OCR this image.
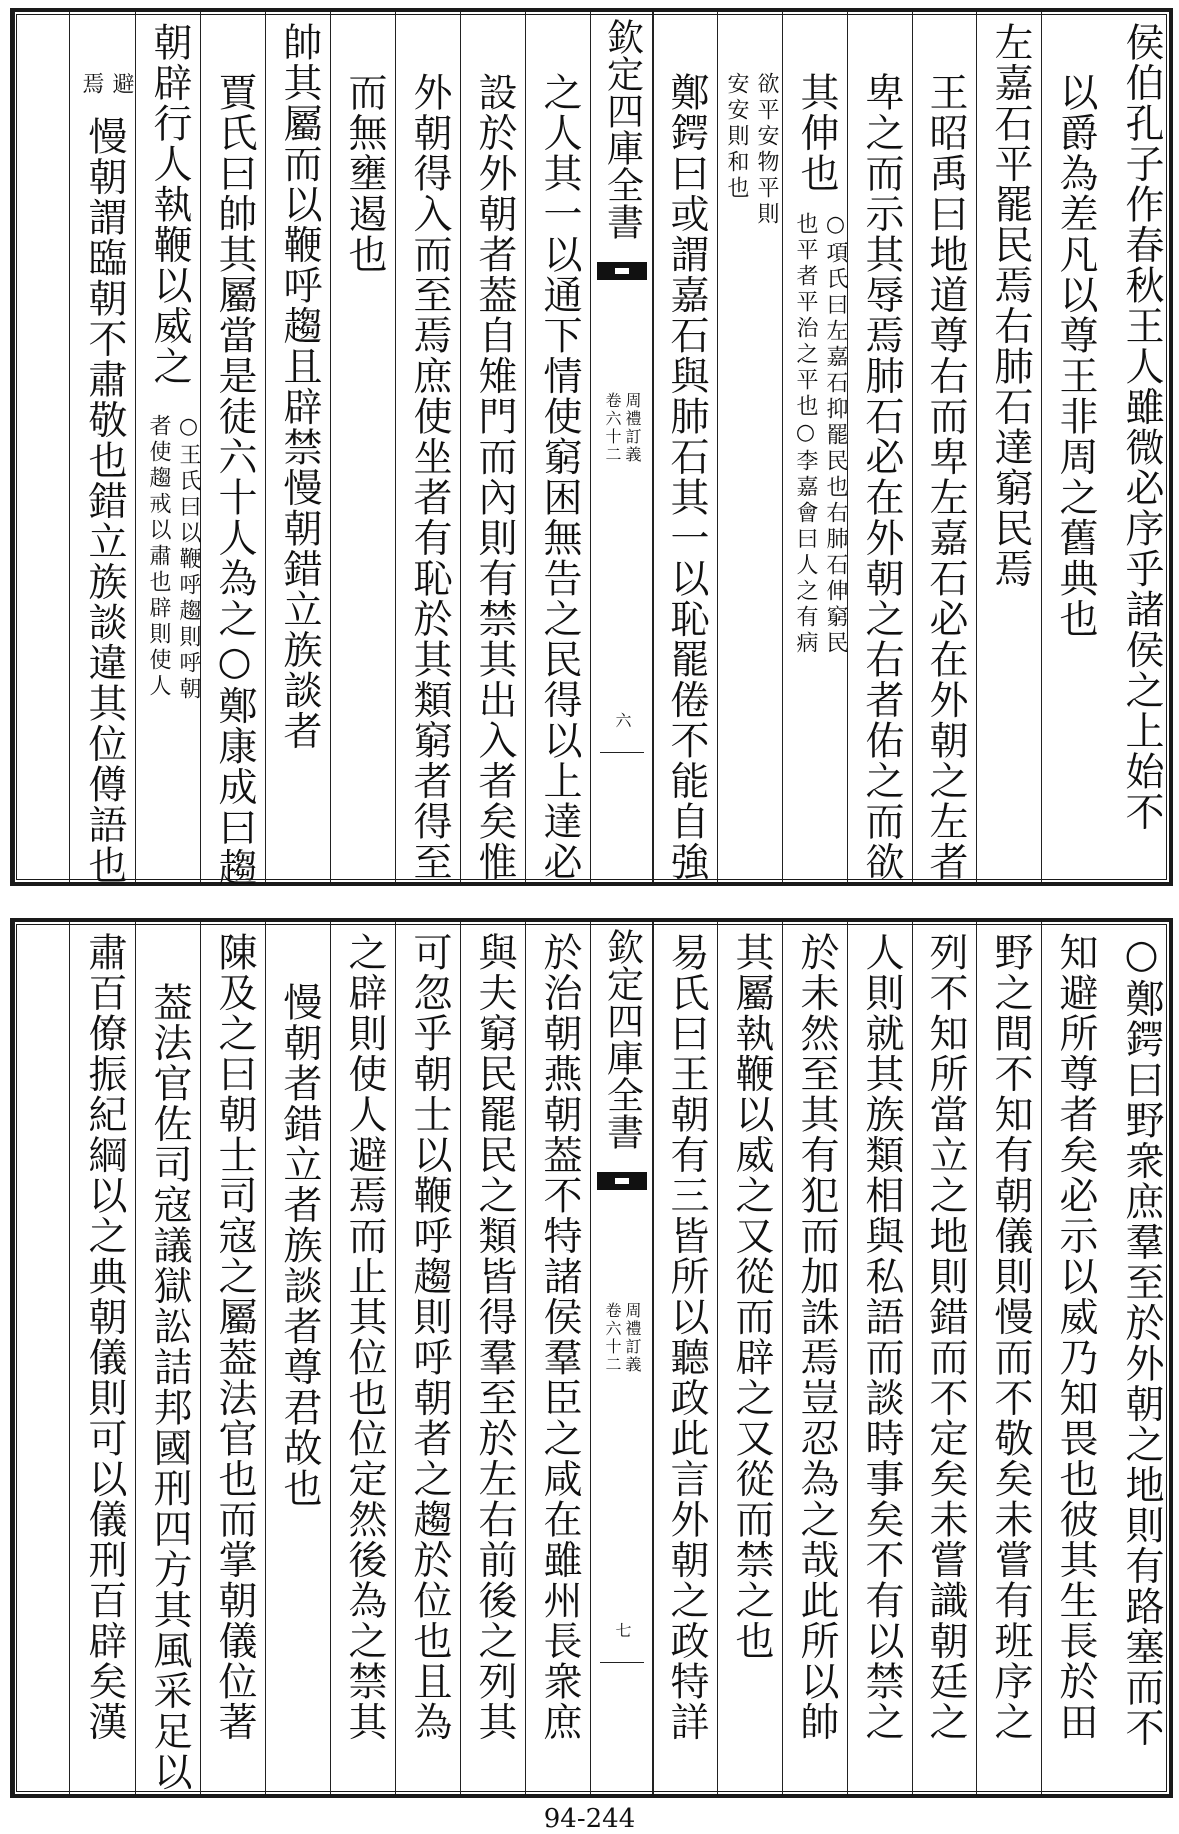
侯伯孔子作春秋王人雖微必序乎諸侯之上始不
以爵為差凡以尊王非周之舊典也
左嘉石平罷民焉右肺石達窮民焉
王昭禹曰地道尊右而卑左嘉石必在外朝之左者
卑之而示其辱焉肺石必在外朝之右者佑之而欲
其伸也
○項氏曰左嘉石抑罷民也右肺石伸窮民
也平者平治之平也○李嘉會曰人之有病
欲平安物平則
安安則和也
鄭鍔曰或謂嘉石與肺石其一以恥罷倦不能自強
欽定四庫全書
周禮訂義
卷六十二
六
之人其一以通下情使窮困無告之民得以上達必
設於外朝者葢自雉門而內則有禁其出入者矣惟
外朝得入而至焉庶使坐者有恥於其類窮者得至
而無壅遏也
帥其屬而以鞭呼趨且辟禁慢朝錯立族談者
賈氏曰帥其屬當是徒六十人為之○鄭康成曰趨
朝辟行人執鞭以威之
○王氏曰以鞭呼趨則呼朝
者使趨戒以肅也辟則使人
避
焉
慢朝謂臨朝不肅敬也錯立族談違其位僔語也
○鄭鍔曰野衆庶羣至於外朝之地則有路塞而不
知避所尊者矣必示以威乃知畏也彼其生長於田
野之間不知有朝儀則慢而不敬矣未嘗有班序之
列不知所當立之地則錯而不定矣未嘗識朝廷之
人則就其族類相與私語而談時事矣不有以禁之
於未然至其有犯而加誅焉豈忍為之哉此所以帥
其屬執鞭以威之又從而辟之又從而禁之也
易氏曰王朝有三皆所以聽政此言外朝之政特詳
欽定四庫全書
周禮訂義
卷六十二
七
於治朝燕朝葢不特諸侯羣臣之咸在雖州長衆庶
與夫窮民罷民之類皆得羣至於左右前後之列其
可忽乎朝士以鞭呼趨則呼朝者之趨於位也且為
之辟則使人避焉而止其位也位定然後為之禁其
慢朝者錯立者族談者尊君故也
陳及之曰朝士司寇之屬葢法官也而掌朝儀位著
葢法官佐司寇議獄訟詰邦國刑四方其風采足以
肅百僚振紀綱以之典朝儀則可以儀刑百辟矣漢
94-244
